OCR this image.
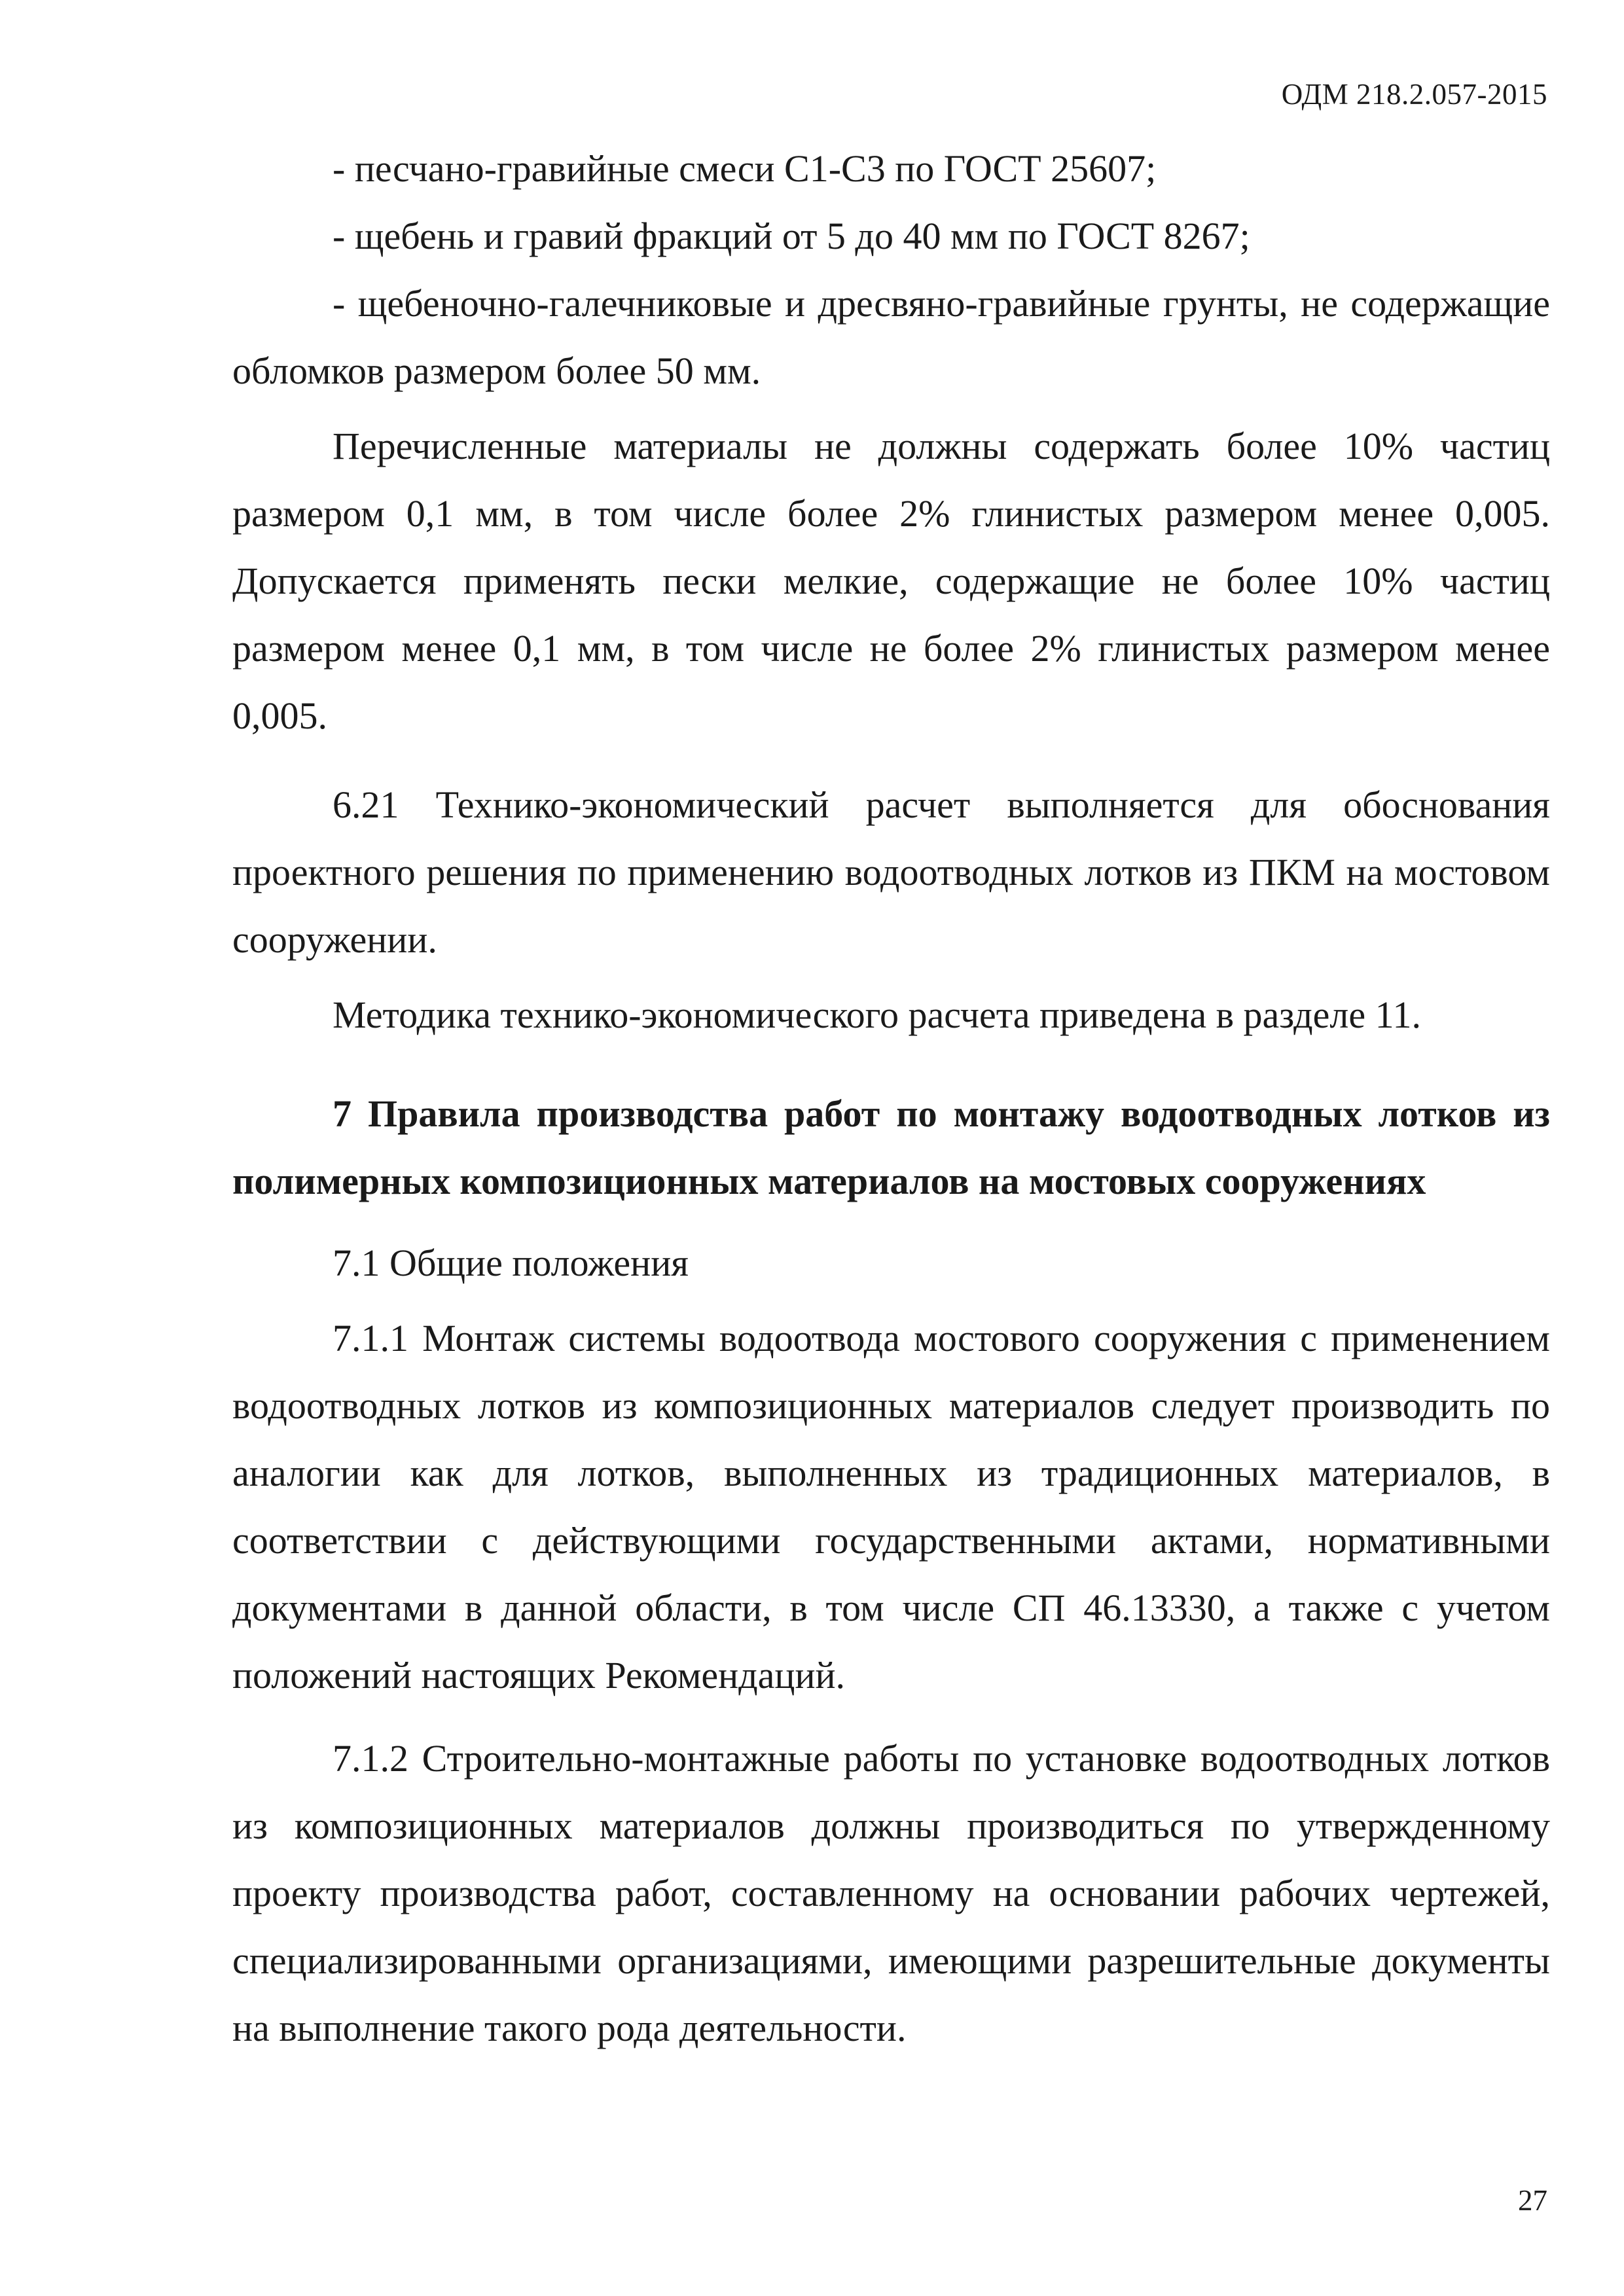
ОДМ 218.2.057-2015

- песчано-гравийные смеси С1-С3 по ГОСТ 25607;

- щебень и гравий фракций от 5 до 40 мм по ГОСТ 8267;

- щебеночно-галечниковые и дресвяно-гравийные грунты, не содержащие обломков размером более 50 мм.

Перечисленные материалы не должны содержать более 10% частиц размером 0,1 мм, в том числе более 2% глинистых размером менее 0,005. Допускается применять пески мелкие, содержащие не более 10% частиц размером менее 0,1 мм, в том числе не более 2% глинистых размером менее 0,005.

6.21 Технико-экономический расчет выполняется для обоснования проектного решения по применению водоотводных лотков из ПКМ на мостовом сооружении.

Методика технико-экономического расчета приведена в разделе 11.

7 Правила производства работ по монтажу водоотводных лотков из полимерных композиционных материалов на мостовых сооружениях

7.1 Общие положения

7.1.1 Монтаж системы водоотвода мостового сооружения с применением водоотводных лотков из композиционных материалов следует производить по аналогии как для лотков, выполненных из традиционных материалов, в соответствии с действующими государственными актами, нормативными документами в данной области, в том числе СП 46.13330, а также с учетом положений настоящих Рекомендаций.

7.1.2 Строительно-монтажные работы по установке водоотводных лотков из композиционных материалов должны производиться по утвержденному проекту производства работ, составленному на основании рабочих чертежей, специализированными организациями, имеющими разрешительные документы на выполнение такого рода деятельности.

27
